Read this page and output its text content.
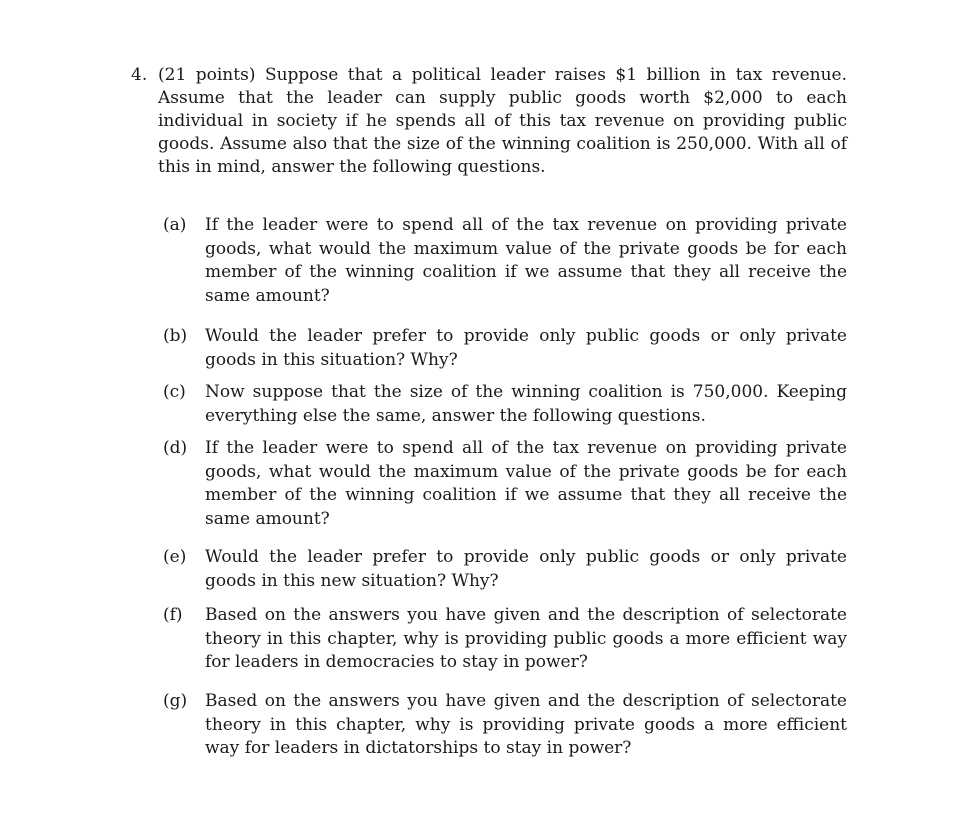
4. (21 points) Suppose that a political leader raises $1 billion in tax revenue. Assume that the leader can supply public goods worth $2,000 to each individual in society if he spends all of this tax revenue on providing public goods. Assume also that the size of the winning coalition is 250,000. With all of this in mind, answer the following questions.

(a) If the leader were to spend all of the tax revenue on providing private goods, what would the maximum value of the private goods be for each member of the winning coalition if we assume that they all receive the same amount?
(b) Would the leader prefer to provide only public goods or only private goods in this situation? Why?
(c) Now suppose that the size of the winning coalition is 750,000. Keeping everything else the same, answer the following questions.
(d) If the leader were to spend all of the tax revenue on providing private goods, what would the maximum value of the private goods be for each member of the winning coalition if we assume that they all receive the same amount?
(e) Would the leader prefer to provide only public goods or only private goods in this new situation? Why?
(f) Based on the answers you have given and the description of selectorate theory in this chapter, why is providing public goods a more efficient way for leaders in democracies to stay in power?
(g) Based on the answers you have given and the description of selectorate theory in this chapter, why is providing private goods a more efficient way for leaders in dictatorships to stay in power?
